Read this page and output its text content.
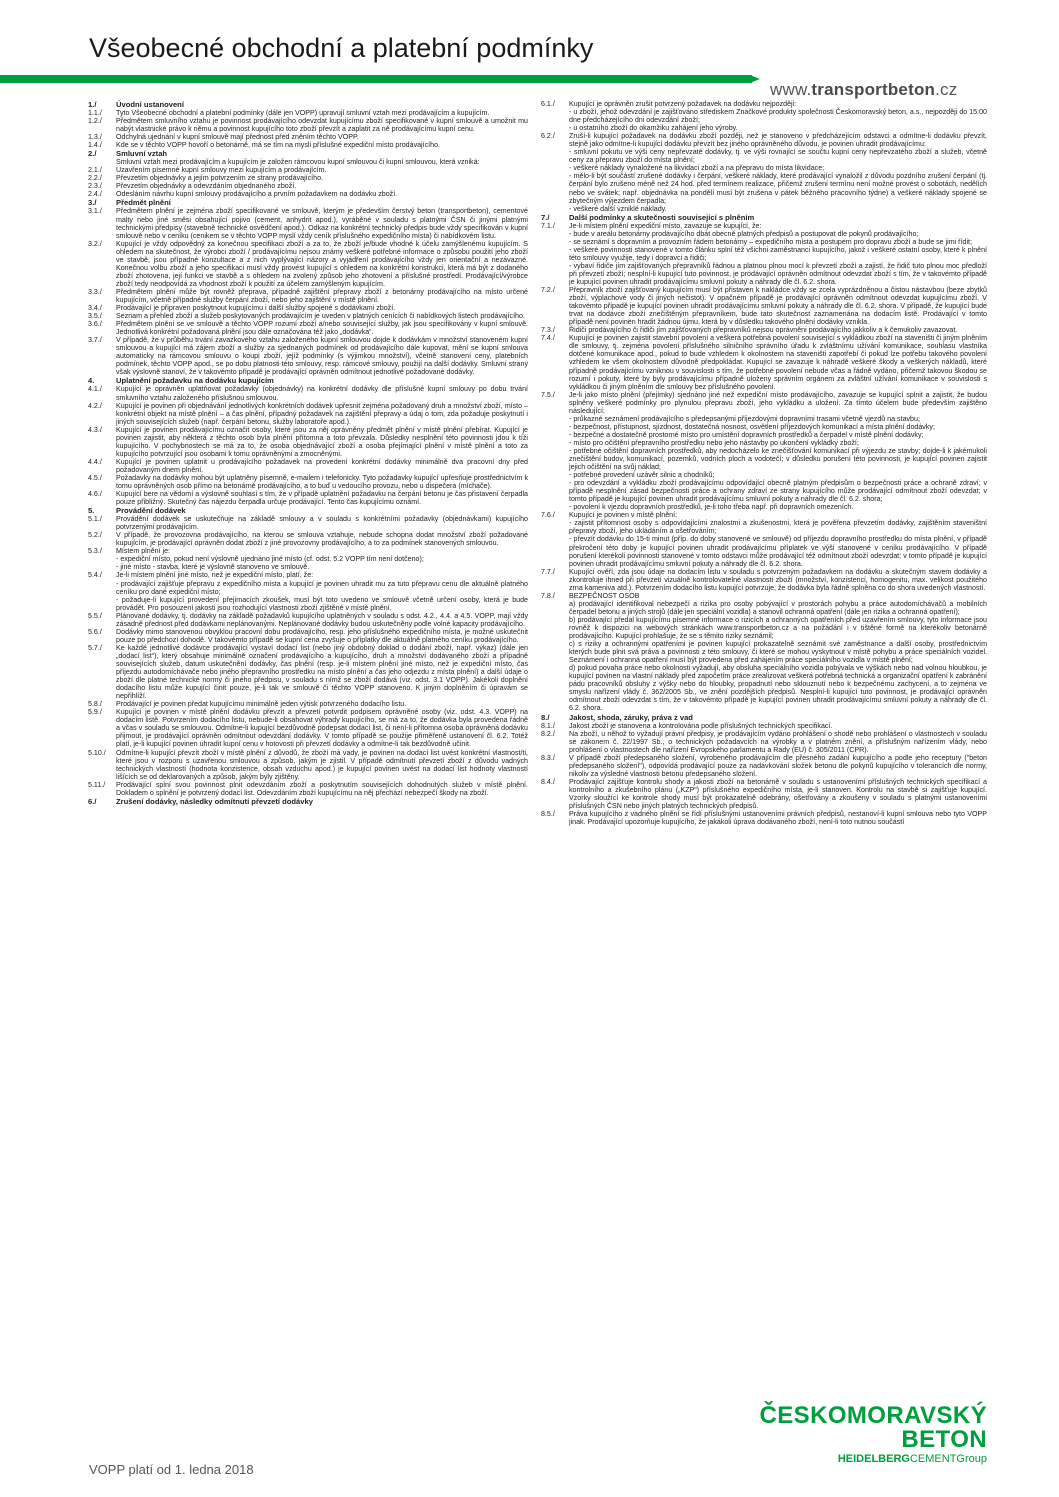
Všeobecné obchodní a platební podmínky
www.transportbeton.cz
1./	Úvodní ustanovení
1.1./	Tyto Všeobecné obchodní a platební podmínky (dále jen VOPP) upravují smluvní vztah mezi prodávajícím a kupujícím.
1.2./	Předmětem smluvního vztahu je povinnost prodávajícího odevzdat kupujícímu zboží specifikované v kupní smlouvě a umožnit mu nabýt vlastnické právo k němu a povinnost kupujícího toto zboží převzít a zaplatit za ně prodávajícímu kupní cenu.
1.3./	Odchylná ujednání v kupní smlouvě mají přednost před zněním těchto VOPP.
1.4./	Kde se v těchto VOPP hovoří o betonárně, má se tím na mysli příslušné expediční místo prodávajícího.
2./	Smluvní vztah
Smluvní vztah mezi prodávajícím a kupujícím je založen rámcovou kupní smlouvou či kupní smlouvou, která vzniká:
2.1./	Uzavřením písemné kupní smlouvy mezi kupujícím a prodávajícím.
2.2./	Převzetím objednávky a jejím potvrzením ze strany prodávajícího.
2.3./	Převzetím objednávky a odevzdáním objednaného zboží.
2.4./	Odesláním návrhu kupní smlouvy prodávajícího a prvním požadavkem na dodávku zboží.
3./	Předmět plnění
3.1./	Předmětem plnění je zejména zboží specifikované ve smlouvě, kterým je především čerstvý beton (transportbeton), cementové malty nebo jiné směsi obsahující pojivo (cement, anhydrit apod.), vyráběné v souladu s platnými ČSN či jinými platnými technickými předpisy (stavebně technické osvědčení apod.). Odkaz na konkrétní technický předpis bude vždy specifikován v kupní smlouvě nebo v ceníku (cenikem se v těchto VOPP myslí vždy ceník příslušného expedičního místa) či nabídkovém listu.
3.2./	Kupující je vždy odpovědný za konečnou specifikaci zboží a za to, že zboží je/bude vhodné k účelu zamýšlenému kupujícím. S ohledem na skutečnost, že výrobci zboží / prodávajícímu nejsou známy veškeré potřebné informace o způsobu použití jeho zboží ve stavbě, jsou případné konzultace a z nich vyplývající názory a vyjádření prodávajícího vždy jen orientační a nezávazné. Konečnou volbu zboží a jeho specifikaci musí vždy provést kupující s ohledem na konkrétní konstrukci, která má být z dodaného zboží zhotovena, její funkci ve stavbě a s ohledem na zvolený způsob jeho zhotovení a příslušné prostředí. Prodávající/výrobce zboží tedy neodpovídá za vhodnost zboží k použití za účelem zamýšleným kupujícím.
3.3./	Předmětem plnění může být rovněž přeprava, případně zajištění přepravy zboží z betonárny prodávajícího na místo určené kupujícím, včetně případné služby čerpání zboží, nebo jeho zajištění v místě plnění.
3.4./	Prodávající je připraven poskytnout kupujícímu i další služby spojené s dodávkami zboží.
3.5./	Seznam a přehled zboží a služeb poskytovaných prodávajícím je uveden v platných cenících či nabídkových listech prodávajícího.
3.6./	Předmětem plnění se ve smlouvě a těchto VOPP rozumí zboží a/nebo související služby, jak jsou specifikovány v kupní smlouvě. Jednotlivá konkrétní požadovaná plnění jsou dále označována též jako „dodávka“.
3.7./	V případě, že v průběhu trvání zavazkového vztahu založeného kupní smlouvou dojde k dodávkám v množství stanoveném kupní smlouvou a kupující má zájem zboží a služby za sjednaných podmínek od prodávajícího dále kupovat, mění se kupní smlouva automaticky na rámcovou smlouvu o koupi zboží, jejíž podmínky (s výjimkou množství), včetně stanovení ceny, platebních podmínek, těchto VOPP apod., se po dobu platnosti této smlouvy, resp. rámcové smlouvy, použijí na další dodávky. Smluvní strany však výslovně stanoví, že v takovémto případě je prodávající oprávněn odmítnout jednotlivé požadované dodávky.
4.	Uplatnění požadavku na dodávku kupujícím
4.1./	Kupující je oprávněn uplatňovat požadavky (objednávky) na konkrétní dodávky dle příslušné kupní smlouvy po dobu trvání smluvního vztahu založeného příslušnou smlouvou.
4.2./	Kupující je povinen při objednávání jednotlivých konkrétních dodávek upřesnit zejména požadovaný druh a množství zboží, místo – konkrétní objekt na místě plnění – a čas plnění, případný požadavek na zajištění přepravy a údaj o tom, zda požaduje poskytnutí i jiných souvisejících služeb (např. čerpání betonu, služby laboratoře apod.).
4.3./	Kupující je povinen prodávajícímu označit osoby, které jsou za něj oprávněny předmět plnění v místě plnění přebírat. Kupující je povinen zajistit, aby některá z těchto osob byla plnění přítomna a toto převzala. Důsledky nesplnění této povinnosti jdou k tíži kupujícího. V pochybnostech se má za to, že osoba objednávající zboží a osoba přejímající plnění v místě plnění a toto za kupujícího potvrzující jsou osobami k tomu oprávněnými a zmocněnými.
4.4./	Kupující je povinen uplatnit u prodávajícího požadavek na provedení konkrétní dodávky minimálně dva pracovní dny před požadovaným dnem plnění.
4.5./	Požadavky na dodávky mohou být uplatněny písemně, e-mailem i telefonicky. Tyto požadavky kupující upřesňuje prostřednictvím k tomu oprávněných osob přímo na betonárně prodávajícího, a to buď u vedoucího provozu, nebo u dispečera (míchače).
4.6./	Kupující bere na vědomí a výslovně souhlasí s tím, že v případě uplatnění požadavku na čerpání betonu je čas přistavení čerpadla pouze přibližný. Skutečný čas nájezdu čerpadla určuje prodávající. Tento čas kupujícímu oznámí.
5.	Provádění dodávek
5.1./	Provádění dodávek se uskutečňuje na základě smlouvy a v souladu s konkrétními požadavky (objednávkami) kupujícího potvrzenými prodávajícím.
5.2./	V případě, že provozovna prodávajícího, na kterou se smlouva vztahuje, nebude schopna dodat množství zboží požadované kupujícím, je prodávající oprávněn dodat zboží z jiné provozovny prodávajícího, a to za podmínek stanovených smlouvou.
5.3./	Místem plnění je:
- expediční místo, pokud není výslovně ujednáno jiné místo (cf. odst. 5.2 VOPP tím není dotčeno);
- jiné místo - stavba, které je výslovně stanoveno ve smlouvě.
5.4./	Je-li místem plnění jiné místo, než je expediční místo, platí, že:
- prodávající zajišťuje přepravu z expedičního místa a kupující je povinen uhradit mu za tuto přepravu cenu dle aktuálně platného ceníku pro dané expediční místo;
- požaduje-li kupující provedení přejímacích zkoušek, musí být toto uvedeno ve smlouvě včetně určení osoby, která je bude provádět. Pro posouzení jakosti jsou rozhodující vlastnosti zboží zjištěné v místě plnění.
5.5./	Plánované dodávky, tj. dodávky na základě požadavků kupujícího uplatněných v souladu s odst. 4.2., 4.4. a 4.5. VOPP, mají vždy zásadně přednost před dodávkami neplánovanými. Neplánované dodávky budou uskutečněny podle volné kapacity prodávajícího.
5.6./	Dodávky mimo stanovenou obvyklou pracovní dobu prodávajícího, resp. jeho příslušného expedičního místa, je možné uskutečnit pouze po předchozí dohodě. V takovémto případě se kupní cena zvyšuje o příplatky dle aktuálně platného ceníku prodávajícího.
5.7./	Ke každé jednotlivé dodávce prodávající vystaví dodací list (nebo jiný obdobný doklad o dodání zboží, např. výkaz) (dále jen „dodací list“), který obsahuje minimálně označení prodávajícího a kupujícího, druh a množství dodávaného zboží a případně souvisejících služeb, datum uskutečnění dodávky, čas plnění (resp. je-li místem plnění jiné místo, než je expediční místo, čas příjezdu autodomíchávače nebo jiného přepravního prostředku na místo plnění a čas jeho odjezdu z místa plnění) a další údaje o zboží dle platné technické normy či jiného předpisu, v souladu s nímž se zboží dodává (viz. odst. 3.1 VOPP). Jakékoli doplnění dodacího listu může kupující činit pouze, je-li tak ve smlouvě či těchto VOPP stanoveno. K jiným doplněním či úpravám se nepřihlíží.
5.8./	Prodávající je povinen předat kupujícímu minimálně jeden výtisk potvrzeného dodacího listu.
5.9./	Kupující je povinen v místě plnění dodávku převzít a převzetí potvrdit podpisem oprávněné osoby (viz. odst. 4.3. VOPP) na dodacím listě. Potvrzením dodacího listu, nebude-li obsahovat výhrady kupujícího, se má za to, že dodávka byla provedena řádně a včas v souladu se smlouvou. Odmítne-li kupující bezdůvodně podepsat dodací list, či není-li přítomna osoba oprávněná dodávku přijmout, je prodávající oprávněn odmítnout odevzdání dodávky. V tomto případě se použije přiměřeně ustanovení čl. 6.2. Totéž platí, je-li kupující povinen uhradit kupní cenu v hotovosti při převzetí dodávky a odmítne-li tak bezdůvodně učinit.
5.10./	Odmítne-li kupující převzít zboží v místě plnění z důvodů, že zboží má vady, je povinen na dodací list uvést konkrétní vlastnost/ti, které jsou v rozporu s uzavřenou smlouvou a způsob, jakým je zjistil. V případě odmítnutí převzetí zboží z důvodu vadných technických vlastností (hodnota konzistence, obsah vzduchu apod.) je kupující povinen uvést na dodací list hodnoty vlastností lišících se od deklarovaných a způsob, jakým byly zjištěny.
5.11./	Prodávající splní svou povinnost plnit odevzdáním zboží a poskytnutím souvisejících dohodnutých služeb v místě plnění. Dokladem o splnění je potvrzený dodací list. Odevzdáním zboží kupujícímu na něj přechází nebezpečí škody na zboží.
6./	Zrušení dodávky, následky odmítnutí převzetí dodávky
6.1./	Kupující je oprávněn zrušit potvrzený požadavek na dodávku nejpozději:
- u zboží, jehož odevzdání je zajišťováno střediskem Značkové produkty společnosti Českomoravský beton, a.s., nejpozději do 15:00 dne předcházejícího dni odevzdání zboží;
- u ostatního zboží do okamžiku zahájení jeho výroby.
6.2./	Zruší-li kupující požadavek na dodávku zboží později, než je stanoveno v předcházejícím odstavci a odmítne-li dodávku převzít, stejně jako odmítne-li kupující dodávku převzít bez jiného oprávněného důvodu, je povinen uhradit prodávajícímu:
- smluvní pokutu ve výši ceny nepřevzaté dodávky, tj. ve výši rovnající se součtu kupní ceny nepřevzatého zboží a služeb, včetně ceny za přepravu zboží do místa plnění;
- veškeré náklady vynaložené na likvidaci zboží a na přepravu do místa likvidace;
- mělo-li být součástí zrušené dodávky i čerpání, veškeré náklady, které prodávající vynaložil z důvodu pozdního zrušení čerpání (tj. čerpání bylo zrušeno méně než 24 hod. před termínem realizace, přičemž zrušení termínu není možné provést o sobotách, nedělích nebo ve svátek; např. objednávka na pondělí musí být zrušena v pátek běžného pracovního týdne) a veškeré náklady spojené se zbytečným výjezdem čerpadla;
- veškeré další vzniklé náklady.
7./	Další podmínky a skutečnosti související s plněním
7.1./	Je-li místem plnění expediční místo, zavazuje se kupující, že:
- bude v areálu betonárny prodávajícího dbát obecně platných předpisů a postupovat dle pokynů prodávajícího;
- se seznámí s dopravním a provozním řádem betonárny – expedičního místa a postupem pro dopravu zboží a bude se jimi řídit;
- veškeré povinnosti stanovené v tomto článku splní též všichni zaměstnanci kupujícího, jakož i veškeré ostatní osoby, které k plnění této smlouvy využije, tedy i dopravci a řidiči;
- vybaví řidiče jím zajišťovaných přepravníků řádnou a platnou plnou mocí k převzetí zboží a zajistí, že řidič tuto plnou moc předloží při převzetí zboží; nesplní-li kupující tuto povinnost, je prodávající oprávněn odmítnout odevzdat zboží s tím, že v takovémto případě je kupující povinen uhradit prodávajícímu smluvní pokuty a náhrady dle čl. 6.2. shora.
7.2./	Přepravník zboží zajišťovaný kupujícím musí být přistaven k nakládce vždy se zcela vyprázdněnou a čistou nástavbou (beze zbytků zboží, výplachové vody či jiných nečistot). V opačném případě je prodávající oprávněn odmítnout odevzdat kupujícímu zboží. V takovémto případě je kupující povinen uhradit prodávajícímu smluvní pokuty a náhrady dle čl. 6.2. shora. V případě, že kupující bude trvat na dodávce zboží znečištěným přepravníkem, bude tato skutečnost zaznamenána na dodacím listě. Prodávající v tomto případě není povinen hradit žádnou újmu, která by v důsledku takového plnění dodávky vznikla.
7.3./	Řidiči prodávajícího či řidiči jím zajišťovaných přepravníků nejsou oprávněni prodávajícího jakkoliv a k čemukoliv zavazovat.
7.4./	Kupující je povinen zajistit stavební povolení a veškerá potřebná povolení související s vykládkou zboží na staveništi či jiným plněním dle smlouvy, tj. zejména povolení příslušného silničního správního úřadu k zvláštnímu užívání komunikace, souhlasu vlastníka dotčené komunikace apod., pokud to bude vzhledem k okolnostem na staveništi zapotřebí či pokud lze potřebu takového povolení vzhledem ke všem okolnostem důvodně předpokládat. Kupující se zavazuje k náhradě veškeré škody a veškerých nákladů, které případně prodávajícímu vzniknou v souvislosti s tím, že potřebné povolení nebude včas a řádně vydáno, přičemž takovou škodou se rozumí i pokuty, které by byly prodávajícímu případně uloženy správním orgánem za zvláštní užívání komunikace v souvislosti s vykládkou či jiným plněním dle smlouvy bez příslušného povolení.
7.5./	Je-li jako místo plnění (přejímky) sjednáno jiné než expediční místo prodávajícího, zavazuje se kupující splnit a zajistit, že budou splněny veškeré podmínky pro plynulou přepravu zboží, jeho vykládku a uložení. Za tímto účelem bude především zajištěno následující:
- průkazné seznámení prodávajícího s předepsanými příjezdovými dopravními trasami včetně vjezdů na stavbu;
- bezpečnost, přístupnost, sjízdnost, dostatečná nosnost, osvětlení příjezdových komunikací a místa plnění dodávky;
- bezpečné a dostatečně prostorné místo pro umístění dopravních prostředků a čerpadel v místě plnění dodávky;
- místo pro očištění přepravního prostředku nebo jeho nástavby po ukončení vykládky zboží;
- potřebné očištění dopravních prostředků, aby nedocházelo ke znečišťování komunikací při výjezdu ze stavby; dojde-li k jakémukoli znečištění budov, komunikací, pozemků, vodních ploch a vodotečí; v důsledku porušení této povinnosti, je kupující povinen zajistit jejich očištění na svůj náklad;
- potřebné provedení uzávěr silnic a chodníků;
- pro odevzdání a vykládku zboží prodávajícímu odpovídající obecně platným předpisům o bezpečnosti práce a ochraně zdraví; v případě nesplnění zásad bezpečnosti práce a ochrany zdraví ze strany kupujícího může prodávající odmítnout zboží odevzdat; v tomto případě je kupující povinen uhradit prodávajícímu smluvní pokuty a náhrady dle čl. 6.2. shora;
- povolení k vjezdu dopravních prostředků, je-li toho třeba např. při dopravních omezeních.
7.6./	Kupující je povinen v místě plnění:
- zajistit přítomnost osoby s odpovídajícími znalostmi a zkušenostmi, která je pověřena převzetím dodávky, zajištěním staveništní přepravy zboží, jeho ukládáním a ošetřováním;
- převzít dodávku do 15-ti minut (příp. do doby stanovené ve smlouvě) od příjezdu dopravního prostředku do místa plnění, v případě překročení této doby je kupující povinen uhradit prodávajícímu příplatek ve výši stanovené v ceníku prodávajícího. V případě porušení kterékoli povinnosti stanovené v tomto odstavci může prodávající též odmítnout zboží odevzdat; v tomto případě je kupující povinen uhradit prodávajícímu smluvní pokuty a náhrady dle čl. 6.2. shora.
7.7./	Kupující ověří, zda jsou údaje na dodacím listu v souladu s potvrzeným požadavkem na dodávku a skutečným stavem dodávky a zkontroluje ihned při převzetí vizuálně kontrolovatelné vlastnosti zboží (množství, konzistenci, homogenitu, max. velikost použitého zrna kameniva atd.). Potvrzením dodacího listu kupující potvrzuje, že dodávka byla řádně splněna co do shora uvedených vlastností.
7.8./	BEZPEČNOST OSOB
a) prodávající identifikoval nebezpečí a rizika pro osoby pobývající v prostorách pohybu a práce autodomíchávačů a mobilních čerpadel betonu a jiných strojů (dále jen speciální vozidla) a stanovil ochranná opatření (dále jen rizika a ochranná opatření);
b) prodávající předal kupujícímu písemné informace o rizicích a ochranných opatřeních před uzavřením smlouvy, tyto informace jsou rovněž k dispozici na webových stránkách www.transportbeton.cz a na požádání i v tištěné formě na kterékoliv betonárně prodávajícího. Kupující prohlašuje, že se s těmito riziky seznámil;
c) s riziky a ochrannými opatřeními je povinen kupující prokazatelně seznámit své zaměstnance a další osoby, prostřednictvím kterých bude plnit svá práva a povinnosti z této smlouvy, či které se mohou vyskytnout v místě pohybu a práce speciálních vozidel. Seznámení i ochranná opatření musí být provedena před zahájením práce speciálního vozidla v místě plnění;
d) pokud povaha práce nebo okolnosti vyžadují, aby obsluha speciálního vozidla pobývala ve výškách nebo nad volnou hloubkou, je kupující povinen na vlastní náklady před započetím práce zrealizovat veškerá potřebná technická a organizační opatření k zabránění pádu pracovníků obsluhy z výšky nebo do hloubky, propadnutí nebo sklouznutí nebo k bezpečnému zachycení, a to zejména ve smyslu nařízení vlády č. 362/2005 Sb., ve znění pozdějších předpisů. Nesplní-li kupující tuto povinnost, je prodávající oprávněn odmítnout zboží odevzdat s tím, že v takovémto případě je kupující povinen uhradit prodávajícímu smluvní pokuty a náhrady dle čl. 6.2. shora.
8./	Jakost, shoda, záruky, práva z vad
8.1./	Jakost zboží je stanovena a kontrolována podle příslušných technických specifikací.
8.2./	Na zboží, u něhož to vyžadují právní předpisy, je prodávajícím vydáno prohlášení o shodě nebo prohlášení o vlastnostech v souladu se zákonem č. 22/1997 Sb., o technických požadavcích na výrobky a v platném znění, a příslušným nařízením vlády, nebo prohlášení o vlastnostech dle nařízení Evropského parlamentu a Rady (EU) č. 305/2011 (CPR).
8.3./	V případě zboží předepsaného složení, vyrobeného prodávajícím dle přesného zadání kupujícího a podle jeho receptury ("beton předepsaného složení"), odpovídá prodávající pouze za nadávkování složek betonu dle pokynů kupujícího v tolerancích dle normy, nikoliv za výsledné vlastnosti betonu předepsaného složení.
8.4./	Prodávající zajišťuje kontrolu shody a jakosti zboží na betonárně v souladu s ustanoveními příslušných technických specifikací a kontrolního a zkušebního plánu („KZP“) příslušného expedičního místa, je-li stanoven. Kontrolu na stavbě si zajišťuje kupující. Vzorky sloužící ke kontrole shody musí být prokazatelně odebrány, ošetřovány a zkoušeny v souladu s platnými ustanoveními příslušných ČSN nebo jiných platných technických předpisů.
8.5./	Práva kupujícího z vadného plnění se řídí příslušnými ustanoveními právních předpisů, nestanoví-li kupní smlouva nebo tyto VOPP jinak. Prodávající upozorňuje kupujícího, že jakákoli úprava dodávaného zboží, není-li toto nutnou součástí
VOPP platí od 1. ledna 2018
ČESKOMORAVSKÝ
BETON
HEIDELBERGCEMENTGroup
